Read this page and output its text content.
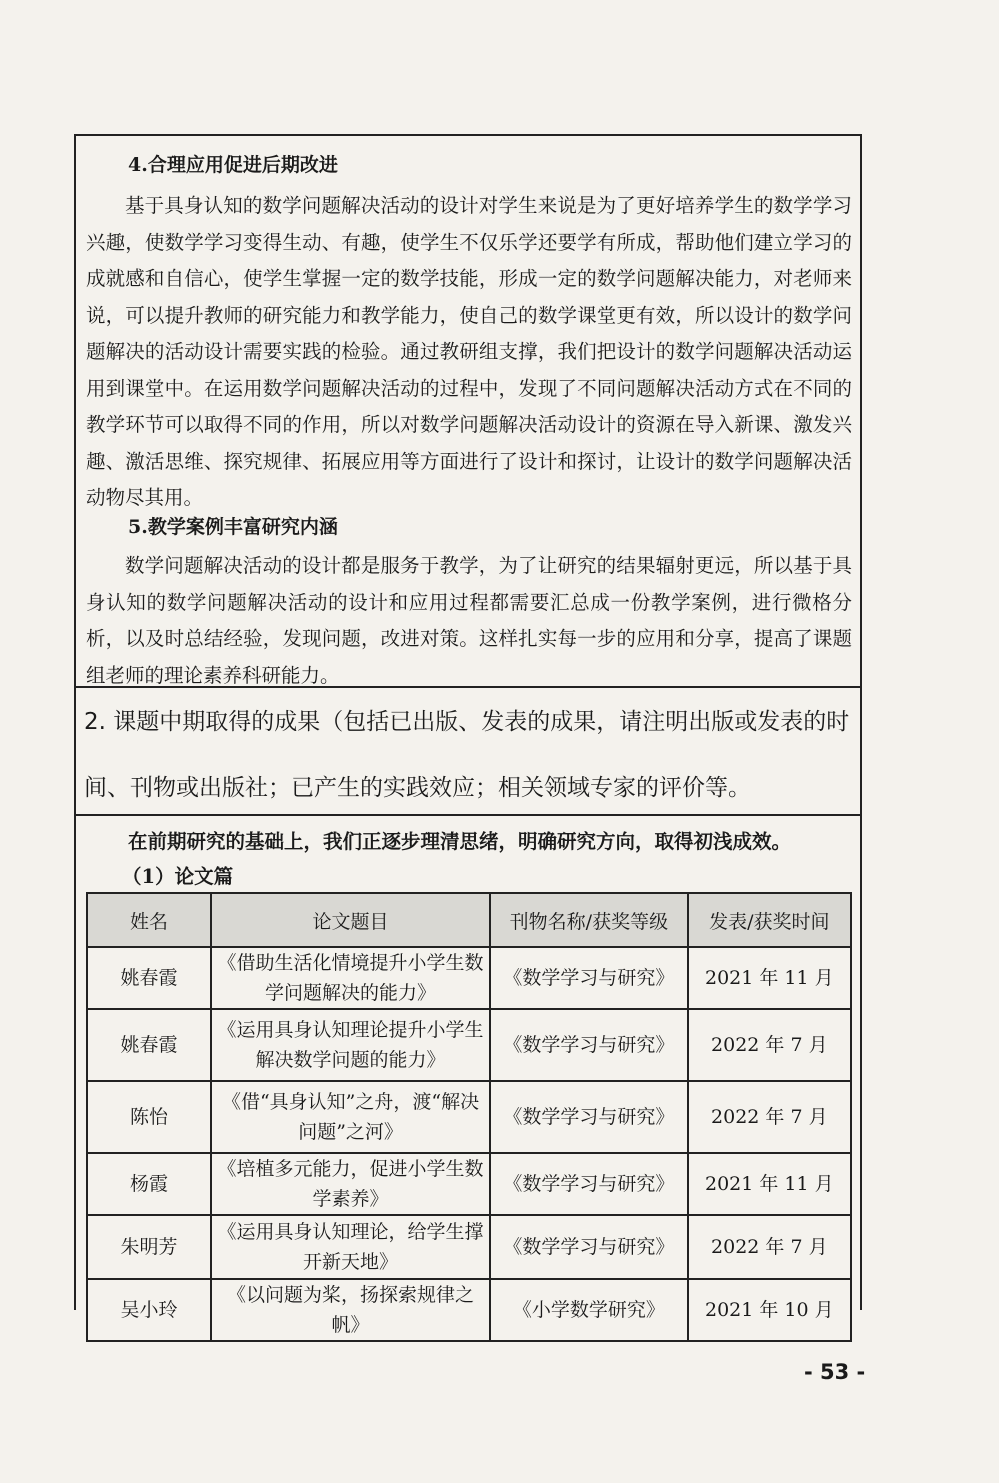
4.合理应用促进后期改进

基于具身认知的数学问题解决活动的设计对学生来说是为了更好培养学生的数学学习兴趣，使数学学习变得生动、有趣，使学生不仅乐学还要学有所成，帮助他们建立学习的成就感和自信心，使学生掌握一定的数学技能，形成一定的数学问题解决能力，对老师来说，可以提升教师的研究能力和教学能力，使自己的数学课堂更有效，所以设计的数学问题解决的活动设计需要实践的检验。通过教研组支撑，我们把设计的数学问题解决活动运用到课堂中。在运用数学问题解决活动的过程中，发现了不同问题解决活动方式在不同的教学环节可以取得不同的作用，所以对数学问题解决活动设计的资源在导入新课、激发兴趣、激活思维、探究规律、拓展应用等方面进行了设计和探讨，让设计的数学问题解决活动物尽其用。

5.教学案例丰富研究内涵

数学问题解决活动的设计都是服务于教学，为了让研究的结果辐射更远，所以基于具身认知的数学问题解决活动的设计和应用过程都需要汇总成一份教学案例，进行微格分析，以及时总结经验，发现问题，改进对策。这样扎实每一步的应用和分享，提高了课题组老师的理论素养科研能力。

2. 课题中期取得的成果（包括已出版、发表的成果，请注明出版或发表的时间、刊物或出版社；已产生的实践效应；相关领域专家的评价等。

在前期研究的基础上，我们正逐步理清思绪，明确研究方向，取得初浅成效。
（1）论文篇
姓名	论文题目	刊物名称/获奖等级	发表/获奖时间
姚春霞	《借助生活化情境提升小学生数学问题解决的能力》	《数学学习与研究》	2021 年 11 月
姚春霞	《运用具身认知理论提升小学生解决数学问题的能力》	《数学学习与研究》	2022 年 7 月
陈怡	《借“具身认知”之舟，渡“解决问题”之河》	《数学学习与研究》	2022 年 7 月
杨霞	《培植多元能力，促进小学生数学素养》	《数学学习与研究》	2021 年 11 月
朱明芳	《运用具身认知理论，给学生撑开新天地》	《数学学习与研究》	2022 年 7 月
吴小玲	《以问题为桨，扬探索规律之帆》	《小学数学研究》	2021 年 10 月
- 53 -
